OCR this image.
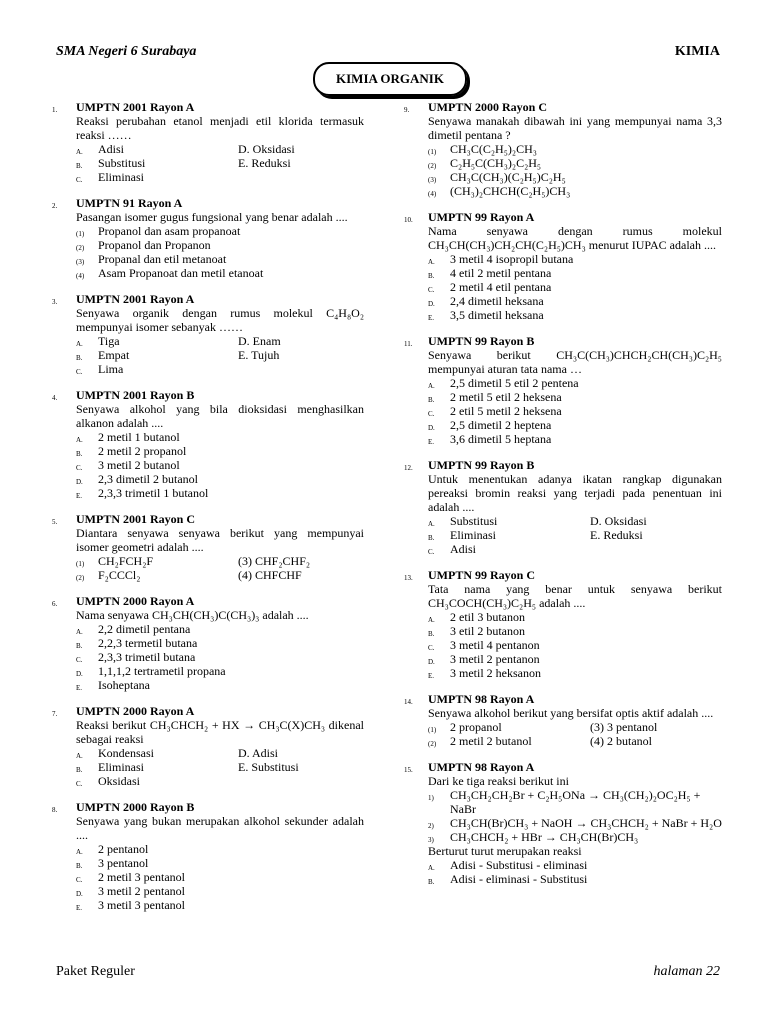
SMA Negeri 6 Surabaya	KIMIA
KIMIA ORGANIK
1. UMPTN 2001 Rayon A
Reaksi perubahan etanol menjadi etil klorida termasuk reaksi ……
A. Adisi	D. Oksidasi
B. Substitusi	E. Reduksi
C. Eliminasi
2. UMPTN 91 Rayon A
Pasangan isomer gugus fungsional yang benar adalah ....
(1) Propanol dan asam propanoat
(2) Propanol dan Propanon
(3) Propanal dan etil metanoat
(4) Asam Propanoat dan metil etanoat
3. UMPTN 2001 Rayon A
Senyawa organik dengan rumus molekul C₄H₈O₂ mempunyai isomer sebanyak ……
A. Tiga	D. Enam
B. Empat	E. Tujuh
C. Lima
4. UMPTN 2001 Rayon B
Senyawa alkohol yang bila dioksidasi menghasilkan alkanon adalah ....
A. 2 metil 1 butanol
B. 2 metil 2 propanol
C. 3 metil 2 butanol
D. 2,3 dimetil 2 butanol
E. 2,3,3 trimetil 1 butanol
5. UMPTN 2001 Rayon C
Diantara senyawa senyawa berikut yang mempunyai isomer geometri adalah ....
(1) CH₂FCH₂F	(3) CHF₂CHF₂
(2) F₂CCCl₂	(4) CHFCHF
6. UMPTN 2000 Rayon A
Nama senyawa CH₃CH(CH₃)C(CH₃)₃ adalah ....
A. 2,2 dimetil pentana
B. 2,2,3 termetil butana
C. 2,3,3 trimetil butana
D. 1,1,1,2 tertrametil propana
E. Isoheptana
7. UMPTN 2000 Rayon A
Reaksi berikut CH₃CHCH₂ + HX → CH₃C(X)CH₃ dikenal sebagai reaksi
A. Kondensasi	D. Adisi
B. Eliminasi	E. Substitusi
C. Oksidasi
8. UMPTN 2000 Rayon B
Senyawa yang bukan merupakan alkohol sekunder adalah ....
A. 2 pentanol
B. 3 pentanol
C. 2 metil 3 pentanol
D. 3 metil 2 pentanol
E. 3 metil 3 pentanol
9. UMPTN 2000 Rayon C
Senyawa manakah dibawah ini yang mempunyai nama 3,3 dimetil pentana ?
(1) CH₃C(C₂H₅)₂CH₃
(2) C₂H₅C(CH₃)₂C₂H₅
(3) CH₃C(CH₃)(C₂H₅)C₂H₅
(4) (CH₃)₂CHCH(C₂H₅)CH₃
10. UMPTN 99 Rayon A
Nama senyawa dengan rumus molekul CH₃CH(CH₃)CH₂CH(C₂H₅)CH₃ menurut IUPAC adalah ....
A. 3 metil 4 isopropil butana
B. 4 etil 2 metil pentana
C. 2 metil 4 etil pentana
D. 2,4 dimetil heksana
E. 3,5 dimetil heksana
11. UMPTN 99 Rayon B
Senyawa berikut CH₃C(CH₃)CHCH₂CH(CH₃)C₂H₅ mempunyai aturan tata nama …
A. 2,5 dimetil 5 etil 2 pentena
B. 2 metil 5 etil 2 heksena
C. 2 etil 5 metil 2 heksena
D. 2,5 dimetil 2 heptena
E. 3,6 dimetil 5 heptana
12. UMPTN 99 Rayon B
Untuk menentukan adanya ikatan rangkap digunakan pereaksi bromin reaksi yang terjadi pada penentuan ini adalah ....
A. Substitusi	D. Oksidasi
B. Eliminasi	E. Reduksi
C. Adisi
13. UMPTN 99 Rayon C
Tata nama yang benar untuk senyawa berikut CH₃COCH(CH₃)C₂H₅ adalah ....
A. 2 etil 3 butanon
B. 3 etil 2 butanon
C. 3 metil 4 pentanon
D. 3 metil 2 pentanon
E. 3 metil 2 heksanon
14. UMPTN 98 Rayon A
Senyawa alkohol berikut yang bersifat optis aktif adalah ....
(1) 2 propanol	(3) 3 pentanol
(2) 2 metil 2 butanol	(4) 2 butanol
15. UMPTN 98 Rayon A
Dari ke tiga reaksi berikut ini
1) CH₃CH₂CH₂Br + C₂H₅ONa → CH₃(CH₂)₂OC₂H₅ + NaBr
2) CH₃CH(Br)CH₃ + NaOH → CH₃CHCH₂ + NaBr + H₂O
3) CH₃CHCH₂ + HBr → CH₃CH(Br)CH₃
Berturut turut merupakan reaksi
A. Adisi - Substitusi - eliminasi
B. Adisi - eliminasi - Substitusi
Paket Reguler	halaman 22
